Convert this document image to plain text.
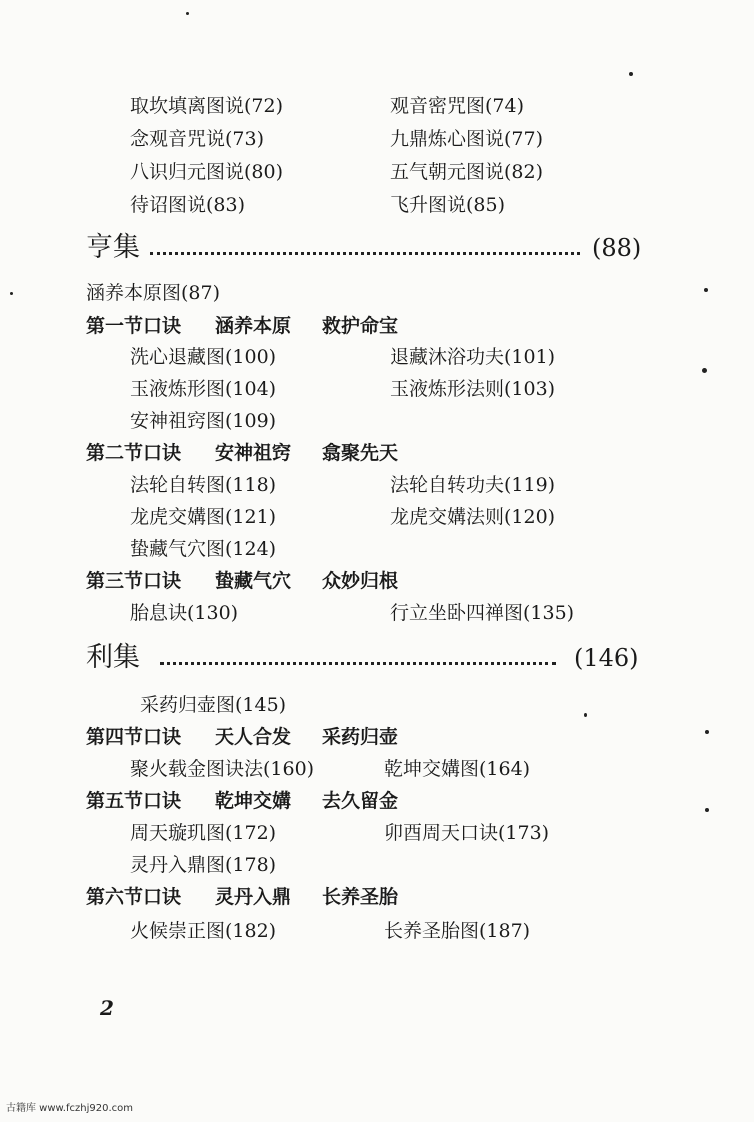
取坎填离图说(72)	观音密咒图(74)
念观音咒说(73)	九鼎炼心图说(77)
八识归元图说(80)	五气朝元图说(82)
待诏图说(83)	飞升图说(85)
亨集	(88)
涵养本原图(87)
第一节口诀 涵养本原 救护命宝
洗心退藏图(100)	退藏沐浴功夫(101)
玉液炼形图(104)	玉液炼形法则(103)
安神祖窍图(109)
第二节口诀 安神祖窍 翕聚先天
法轮自转图(118)	法轮自转功夫(119)
龙虎交媾图(121)	龙虎交媾法则(120)
蛰藏气穴图(124)
第三节口诀 蛰藏气穴 众妙归根
胎息诀(130)	行立坐卧四禅图(135)
利集	(146)
采药归壶图(145)
第四节口诀 天人合发 采药归壶
聚火载金图诀法(160)	乾坤交媾图(164)
第五节口诀 乾坤交媾 去久留金
周天璇玑图(172)	卯酉周天口诀(173)
灵丹入鼎图(178)
第六节口诀 灵丹入鼎 长养圣胎
火候崇正图(182)	长养圣胎图(187)
2
古籍库 www.fczhj920.com
